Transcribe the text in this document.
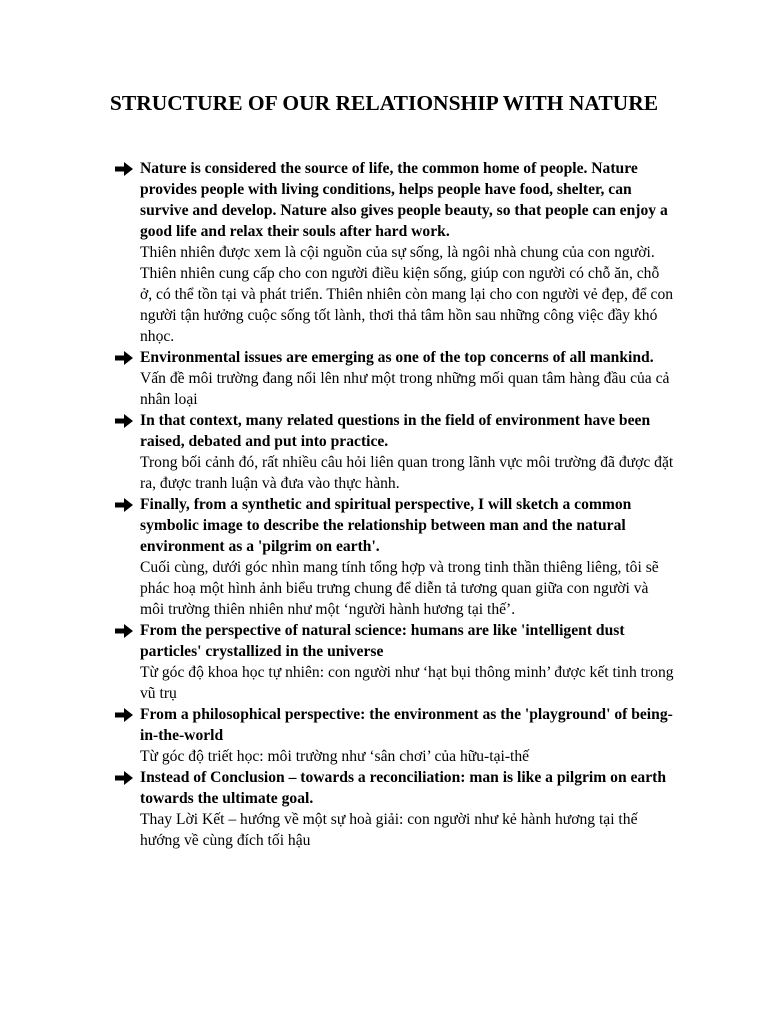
STRUCTURE OF OUR RELATIONSHIP WITH NATURE
Nature is considered the source of life, the common home of people. Nature provides people with living conditions, helps people have food, shelter, can survive and develop. Nature also gives people beauty, so that people can enjoy a good life and relax their souls after hard work.
Thiên nhiên được xem là cội nguồn của sự sống, là ngôi nhà chung của con người. Thiên nhiên cung cấp cho con người điều kiện sống, giúp con người có chỗ ăn, chỗ ở, có thể tồn tại và phát triển. Thiên nhiên còn mang lại cho con người vẻ đẹp, để con người tận hưởng cuộc sống tốt lành, thơi thả tâm hồn sau những công việc đầy khó nhọc.
Environmental issues are emerging as one of the top concerns of all mankind.
Vấn đề môi trường đang nổi lên như một trong những mối quan tâm hàng đầu của cả nhân loại
In that context, many related questions in the field of environment have been raised, debated and put into practice.
Trong bối cảnh đó, rất nhiều câu hỏi liên quan trong lãnh vực môi trường đã được đặt ra, được tranh luận và đưa vào thực hành.
Finally, from a synthetic and spiritual perspective, I will sketch a common symbolic image to describe the relationship between man and the natural environment as a 'pilgrim on earth'.
Cuối cùng, dưới góc nhìn mang tính tổng hợp và trong tinh thần thiêng liêng, tôi sẽ phác hoạ một hình ảnh biểu trưng chung để diễn tả tương quan giữa con người và môi trường thiên nhiên như một ‘người hành hương tại thế’.
From the perspective of natural science: humans are like 'intelligent dust particles' crystallized in the universe
Từ góc độ khoa học tự nhiên: con người như ‘hạt bụi thông minh’ được kết tinh trong vũ trụ
From a philosophical perspective: the environment as the 'playground' of being-in-the-world
Từ góc độ triết học: môi trường như ‘sân chơi’ của hữu-tại-thế
Instead of Conclusion – towards a reconciliation: man is like a pilgrim on earth towards the ultimate goal.
Thay Lời Kết – hướng về một sự hoà giải: con người như kẻ hành hương tại thế hướng về cùng đích tối hậu
